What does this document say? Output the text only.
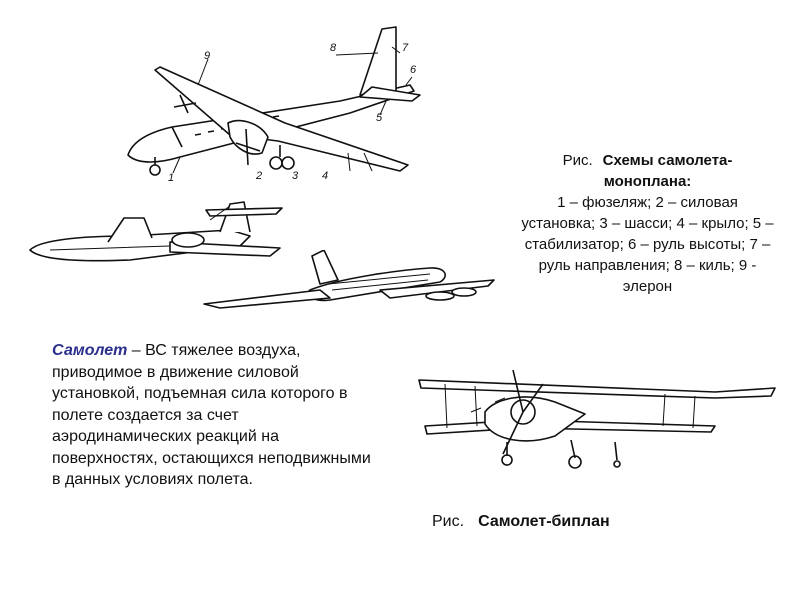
9
8	7
6
5
1	2	3 4
Рис. Схемы самолета-моноплана:
1 – фюзеляж; 2 – силовая установка; 3 – шасси; 4 – крыло; 5 – стабилизатор; 6 – руль высоты; 7 – руль направления; 8 – киль; 9 - элерон
Самолет – ВС тяжелее воздуха, приводимое в движение силовой установкой, подъемная сила которого в полете создается за счет аэродинамических реакций на поверхностях, остающихся неподвижными в данных условиях полета.
Рис. Самолет-биплан
